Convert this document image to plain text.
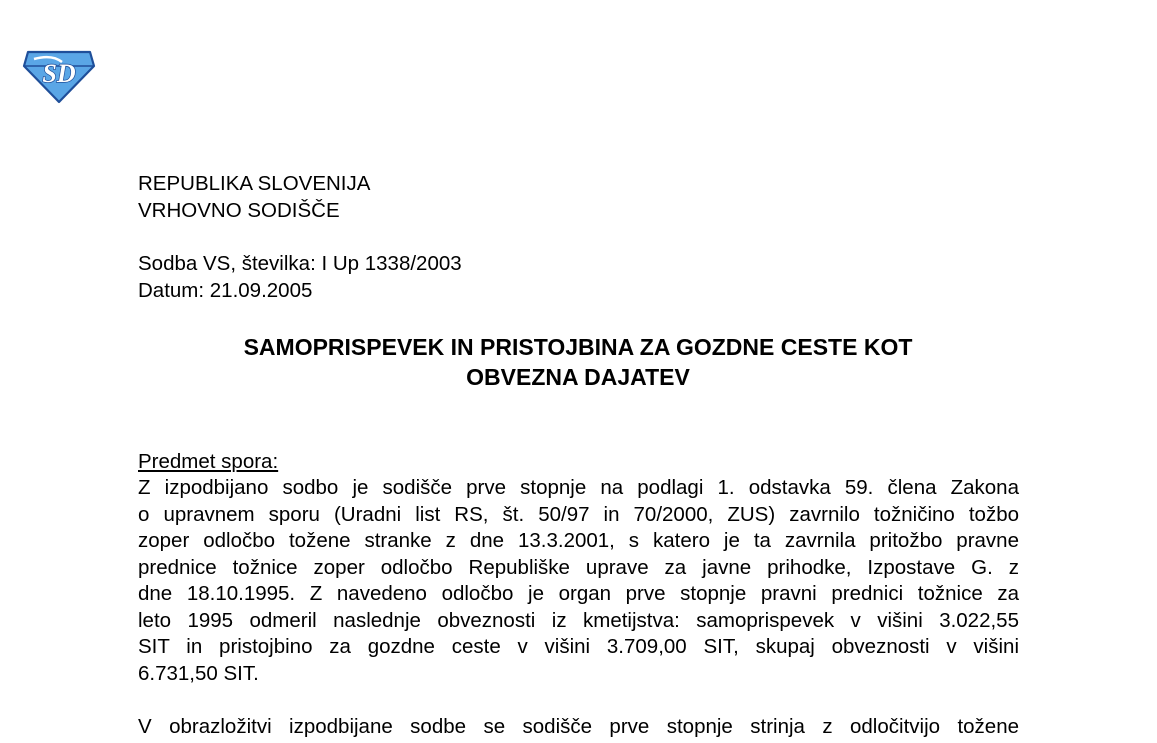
SD
REPUBLIKA SLOVENIJA
VRHOVNO SODIŠČE
Sodba VS, številka: I Up 1338/2003
Datum: 21.09.2005
SAMOPRISPEVEK IN PRISTOJBINA ZA GOZDNE CESTE KOT
OBVEZNA DAJATEV
Predmet spora:
Z izpodbijano sodbo je sodišče prve stopnje na podlagi 1. odstavka 59. člena Zakona
o upravnem sporu (Uradni list RS, št. 50/97 in 70/2000, ZUS) zavrnilo tožničino tožbo
zoper odločbo tožene stranke z dne 13.3.2001, s katero je ta zavrnila pritožbo pravne
prednice tožnice zoper odločbo Republiške uprave za javne prihodke, Izpostave G. z
dne 18.10.1995. Z navedeno odločbo je organ prve stopnje pravni prednici tožnice za
leto 1995 odmeril naslednje obveznosti iz kmetijstva: samoprispevek v višini 3.022,55
SIT in pristojbino za gozdne ceste v višini 3.709,00 SIT, skupaj obveznosti v višini
6.731,50 SIT.
V obrazložitvi izpodbijane sodbe se sodišče prve stopnje strinja z odločitvijo tožene
